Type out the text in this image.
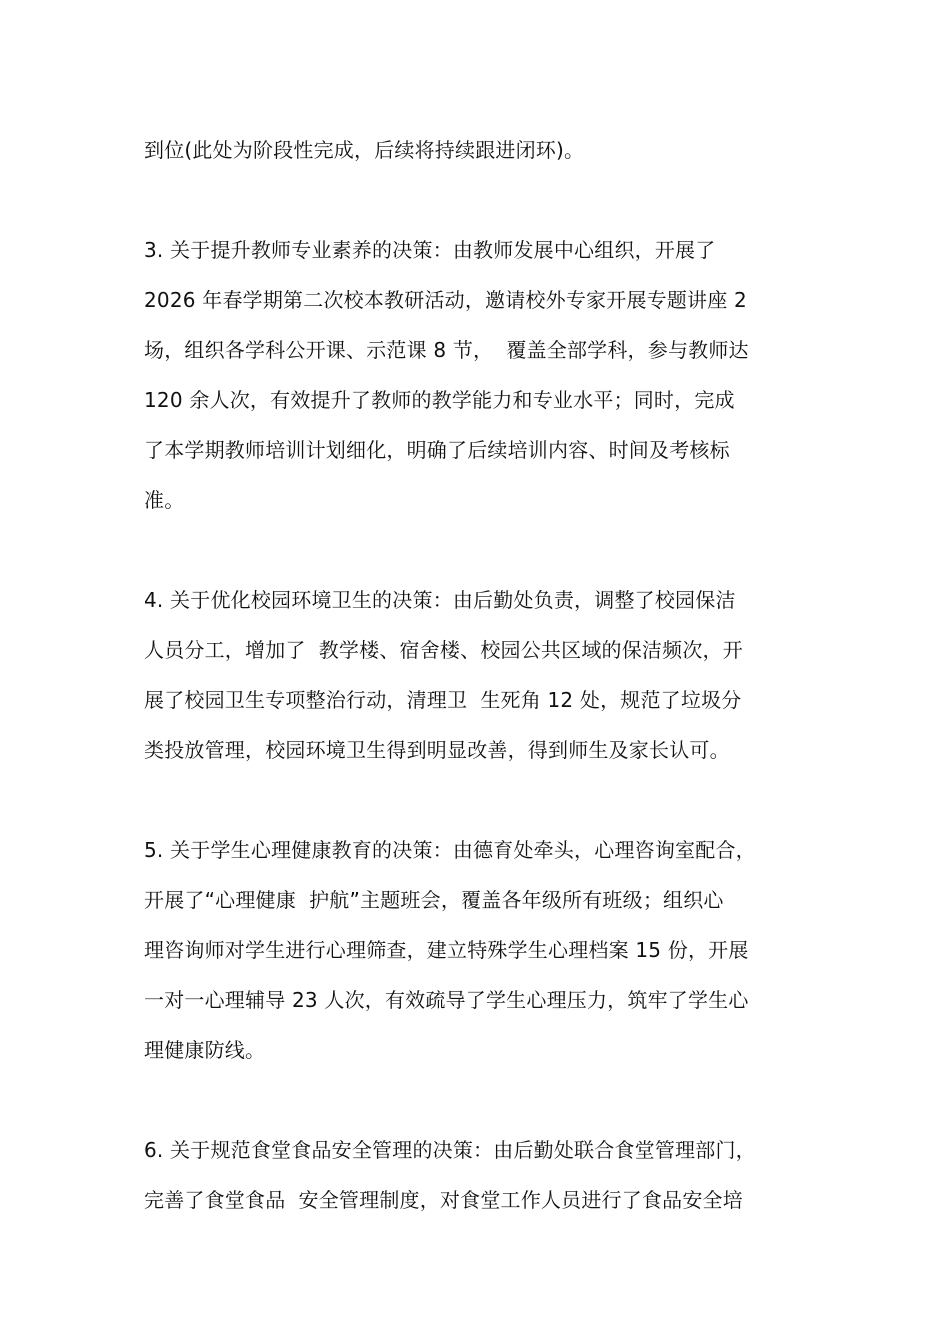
到位(此处为阶段性完成，后续将持续跟进闭环)。
3. 关于提升教师专业素养的决策：由教师发展中心组织，开展了
2026 年春学期第二次校本教研活动，邀请校外专家开展专题讲座 2
场，组织各学科公开课、示范课 8 节，  覆盖全部学科，参与教师达
120 余人次，有效提升了教师的教学能力和专业水平；同时，完成
了本学期教师培训计划细化，明确了后续培训内容、时间及考核标
准。
4. 关于优化校园环境卫生的决策：由后勤处负责，调整了校园保洁
人员分工，增加了  教学楼、宿舍楼、校园公共区域的保洁频次，开
展了校园卫生专项整治行动，清理卫  生死角 12 处，规范了垃圾分
类投放管理，校园环境卫生得到明显改善，得到师生及家长认可。
5. 关于学生心理健康教育的决策：由德育处牵头，心理咨询室配合，
开展了“心理健康  护航”主题班会，覆盖各年级所有班级；组织心
理咨询师对学生进行心理筛查，建立特殊学生心理档案 15 份，开展
一对一心理辅导 23 人次，有效疏导了学生心理压力，筑牢了学生心
理健康防线。
6. 关于规范食堂食品安全管理的决策：由后勤处联合食堂管理部门，
完善了食堂食品  安全管理制度，对食堂工作人员进行了食品安全培
